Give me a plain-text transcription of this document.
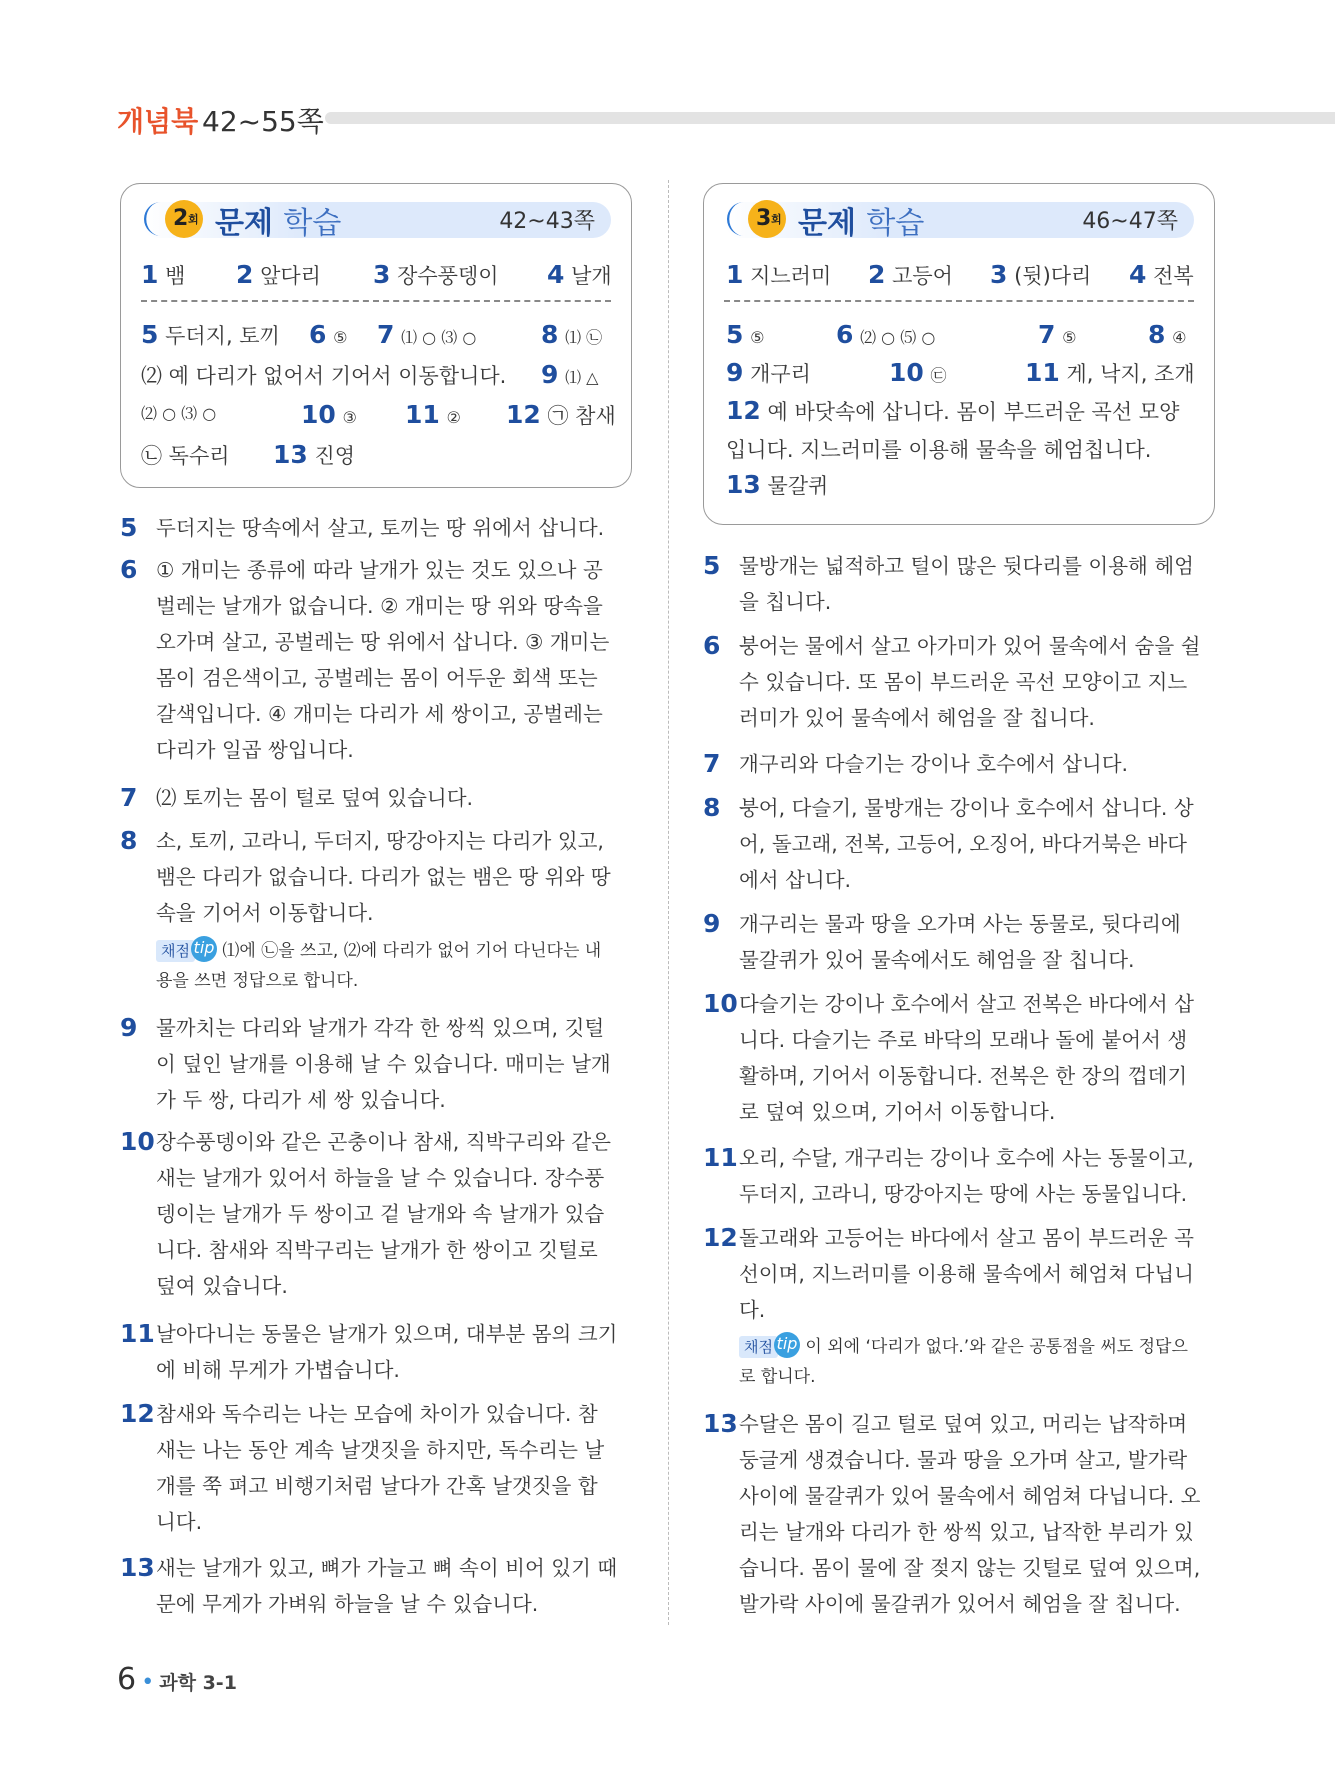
개념북 42~55쪽
2 회 문제 학습	42~43쪽
1 뱀 2 앞다리 3 장수풍뎅이 4 날개
5 두더지, 토끼 6 ⑤ 7 ⑴ ○ ⑶ ○	8 ⑴ ㉡
⑵ 예 다리가 없어서 기어서 이동합니다. 9 ⑴ △
⑵ ○ ⑶ ○	10 ③ 11 ② 12 ㉠ 참새
㉡ 독수리 13 진영
3 회 문제 학습	46~47쪽
1 지느러미 2 고등어 3 (뒷)다리 4 전복
5 ⑤	6 ⑵ ○ ⑸ ○	7 ⑤	8 ④
9 개구리	10 ㉢	11 게, 낙지, 조개
12 예 바닷속에 삽니다. 몸이 부드러운 곡선 모양
입니다. 지느러미를 이용해 물속을 헤엄칩니다.
13 물갈퀴
5 두더지는 땅속에서 살고, 토끼는 땅 위에서 삽니다.
6 ① 개미는 종류에 따라 날개가 있는 것도 있으나 공
벌레는 날개가 없습니다. ② 개미는 땅 위와 땅속을
오가며 살고, 공벌레는 땅 위에서 삽니다. ③ 개미는
몸이 검은색이고, 공벌레는 몸이 어두운 회색 또는
갈색입니다. ④ 개미는 다리가 세 쌍이고, 공벌레는
다리가 일곱 쌍입니다.
7 ⑵ 토끼는 몸이 털로 덮여 있습니다.
8 소, 토끼, 고라니, 두더지, 땅강아지는 다리가 있고,
뱀은 다리가 없습니다. 다리가 없는 뱀은 땅 위와 땅
속을 기어서 이동합니다.
채점 tip ⑴에 ㉡을 쓰고, ⑵에 다리가 없어 기어 다닌다는 내
용을 쓰면 정답으로 합니다.
9 물까치는 다리와 날개가 각각 한 쌍씩 있으며, 깃털
이 덮인 날개를 이용해 날 수 있습니다. 매미는 날개
가 두 쌍, 다리가 세 쌍 있습니다.
10 장수풍뎅이와 같은 곤충이나 참새, 직박구리와 같은
새는 날개가 있어서 하늘을 날 수 있습니다. 장수풍
뎅이는 날개가 두 쌍이고 겉 날개와 속 날개가 있습
니다. 참새와 직박구리는 날개가 한 쌍이고 깃털로
덮여 있습니다.
11 날아다니는 동물은 날개가 있으며, 대부분 몸의 크기
에 비해 무게가 가볍습니다.
12 참새와 독수리는 나는 모습에 차이가 있습니다. 참
새는 나는 동안 계속 날갯짓을 하지만, 독수리는 날
개를 쭉 펴고 비행기처럼 날다가 간혹 날갯짓을 합
니다.
13 새는 날개가 있고, 뼈가 가늘고 뼈 속이 비어 있기 때
문에 무게가 가벼워 하늘을 날 수 있습니다.
5 물방개는 넓적하고 털이 많은 뒷다리를 이용해 헤엄
을 칩니다.
6 붕어는 물에서 살고 아가미가 있어 물속에서 숨을 쉴
수 있습니다. 또 몸이 부드러운 곡선 모양이고 지느
러미가 있어 물속에서 헤엄을 잘 칩니다.
7 개구리와 다슬기는 강이나 호수에서 삽니다.
8 붕어, 다슬기, 물방개는 강이나 호수에서 삽니다. 상
어, 돌고래, 전복, 고등어, 오징어, 바다거북은 바다
에서 삽니다.
9 개구리는 물과 땅을 오가며 사는 동물로, 뒷다리에
물갈퀴가 있어 물속에서도 헤엄을 잘 칩니다.
10 다슬기는 강이나 호수에서 살고 전복은 바다에서 삽
니다. 다슬기는 주로 바닥의 모래나 돌에 붙어서 생
활하며, 기어서 이동합니다. 전복은 한 장의 껍데기
로 덮여 있으며, 기어서 이동합니다.
11 오리, 수달, 개구리는 강이나 호수에 사는 동물이고,
두더지, 고라니, 땅강아지는 땅에 사는 동물입니다.
12 돌고래와 고등어는 바다에서 살고 몸이 부드러운 곡
선이며, 지느러미를 이용해 물속에서 헤엄쳐 다닙니
다.
채점 tip 이 외에 ‘다리가 없다.’와 같은 공통점을 써도 정답으
로 합니다.
13 수달은 몸이 길고 털로 덮여 있고, 머리는 납작하며
둥글게 생겼습니다. 물과 땅을 오가며 살고, 발가락
사이에 물갈퀴가 있어 물속에서 헤엄쳐 다닙니다. 오
리는 날개와 다리가 한 쌍씩 있고, 납작한 부리가 있
습니다. 몸이 물에 잘 젖지 않는 깃털로 덮여 있으며,
발가락 사이에 물갈퀴가 있어서 헤엄을 잘 칩니다.
6 • 과학 3-1
